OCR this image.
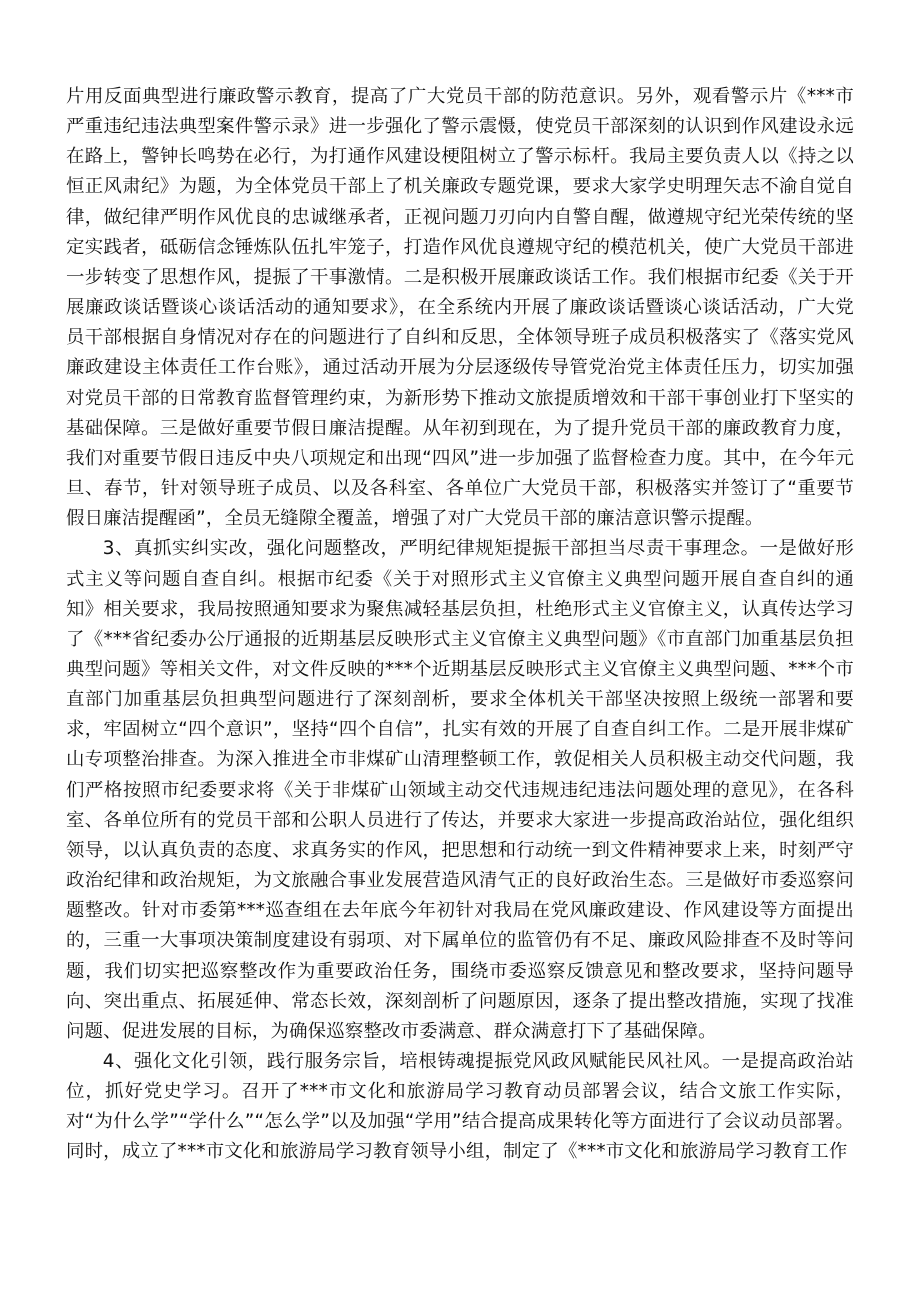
片用反面典型进行廉政警示教育，提高了广大党员干部的防范意识。另外，观看警示片《***市严重违纪违法典型案件警示录》进一步强化了警示震慑，使党员干部深刻的认识到作风建设永远在路上，警钟长鸣势在必行，为打通作风建设梗阻树立了警示标杆。我局主要负责人以《持之以恒正风肃纪》为题，为全体党员干部上了机关廉政专题党课，要求大家学史明理矢志不渝自觉自律，做纪律严明作风优良的忠诚继承者，正视问题刀刃向内自警自醒，做遵规守纪光荣传统的坚定实践者，砥砺信念锤炼队伍扎牢笼子，打造作风优良遵规守纪的模范机关，使广大党员干部进一步转变了思想作风，提振了干事激情。二是积极开展廉政谈话工作。我们根据市纪委《关于开展廉政谈话暨谈心谈话活动的通知要求》，在全系统内开展了廉政谈话暨谈心谈话活动，广大党员干部根据自身情况对存在的问题进行了自纠和反思，全体领导班子成员积极落实了《落实党风廉政建设主体责任工作台账》，通过活动开展为分层逐级传导管党治党主体责任压力，切实加强对党员干部的日常教育监督管理约束，为新形势下推动文旅提质增效和干部干事创业打下坚实的基础保障。三是做好重要节假日廉洁提醒。从年初到现在，为了提升党员干部的廉政教育力度，我们对重要节假日违反中央八项规定和出现“四风”进一步加强了监督检查力度。其中，在今年元旦、春节，针对领导班子成员、以及各科室、各单位广大党员干部，积极落实并签订了“重要节假日廉洁提醒函”，全员无缝隙全覆盖，增强了对广大党员干部的廉洁意识警示提醒。

3、真抓实纠实改，强化问题整改，严明纪律规矩提振干部担当尽责干事理念。一是做好形式主义等问题自查自纠。根据市纪委《关于对照形式主义官僚主义典型问题开展自查自纠的通知》相关要求，我局按照通知要求为聚焦减轻基层负担，杜绝形式主义官僚主义，认真传达学习了《***省纪委办公厅通报的近期基层反映形式主义官僚主义典型问题》《市直部门加重基层负担典型问题》等相关文件，对文件反映的***个近期基层反映形式主义官僚主义典型问题、***个市直部门加重基层负担典型问题进行了深刻剖析，要求全体机关干部坚决按照上级统一部署和要求，牢固树立“四个意识”，坚持“四个自信”，扎实有效的开展了自查自纠工作。二是开展非煤矿山专项整治排查。为深入推进全市非煤矿山清理整顿工作，敦促相关人员积极主动交代问题，我们严格按照市纪委要求将《关于非煤矿山领域主动交代违规违纪违法问题处理的意见》，在各科室、各单位所有的党员干部和公职人员进行了传达，并要求大家进一步提高政治站位，强化组织领导，以认真负责的态度、求真务实的作风，把思想和行动统一到文件精神要求上来，时刻严守政治纪律和政治规矩，为文旅融合事业发展营造风清气正的良好政治生态。三是做好市委巡察问题整改。针对市委第***巡查组在去年底今年初针对我局在党风廉政建设、作风建设等方面提出的，三重一大事项决策制度建设有弱项、对下属单位的监管仍有不足、廉政风险排查不及时等问题，我们切实把巡察整改作为重要政治任务，围绕市委巡察反馈意见和整改要求，坚持问题导向、突出重点、拓展延伸、常态长效，深刻剖析了问题原因，逐条了提出整改措施，实现了找准问题、促进发展的目标，为确保巡察整改市委满意、群众满意打下了基础保障。

4、强化文化引领，践行服务宗旨，培根铸魂提振党风政风赋能民风社风。一是提高政治站位，抓好党史学习。召开了***市文化和旅游局学习教育动员部署会议，结合文旅工作实际，对“为什么学”“学什么”“怎么学”以及加强“学用”结合提高成果转化等方面进行了会议动员部署。同时，成立了***市文化和旅游局学习教育领导小组，制定了《***市文化和旅游局学习教育工作
